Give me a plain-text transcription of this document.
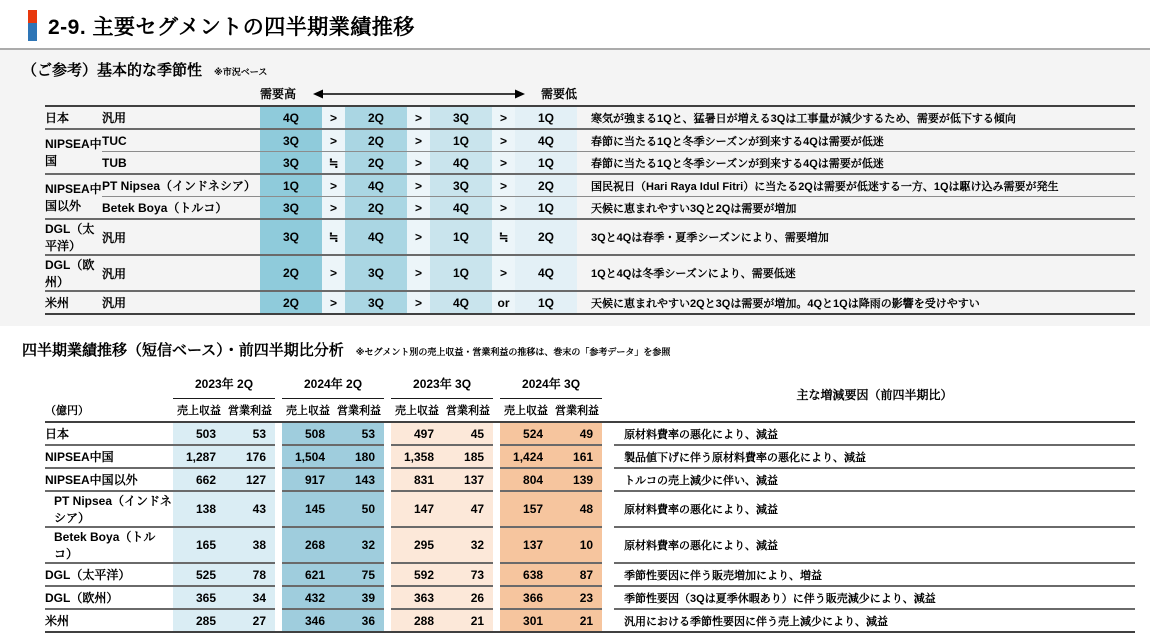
2-9. 主要セグメントの四半期業績推移
（ご参考）基本的な季節性 ※市況ベース
需要高	需要低
日本	汎用	4Q	>	2Q	>	3Q	>	1Q	寒気が強まる1Qと、猛暑日が増える3Qは工事量が減少するため、需要が低下する傾向
NIPSEA中国	TUC	3Q	>	2Q	>	1Q	>	4Q	春節に当たる1Qと冬季シーズンが到来する4Qは需要が低迷
	TUB	3Q	≒	2Q	>	4Q	>	1Q	春節に当たる1Qと冬季シーズンが到来する4Qは需要が低迷
NIPSEA中国以外	PT Nipsea（インドネシア）	1Q	>	4Q	>	3Q	>	2Q	国民祝日（Hari Raya Idul Fitri）に当たる2Qは需要が低迷する一方、1Qは駆け込み需要が発生
	Betek Boya（トルコ）	3Q	>	2Q	>	4Q	>	1Q	天候に恵まれやすい3Qと2Qは需要が増加
DGL（太平洋）	汎用	3Q	≒	4Q	>	1Q	≒	2Q	3Qと4Qは春季・夏季シーズンにより、需要増加
DGL（欧州）	汎用	2Q	>	3Q	>	1Q	>	4Q	1Qと4Qは冬季シーズンにより、需要低迷
米州	汎用	2Q	>	3Q	>	4Q	or	1Q	天候に恵まれやすい2Qと3Qは需要が増加。4Qと1Qは降雨の影響を受けやすい
四半期業績推移（短信ベース）・前四半期比分析 ※セグメント別の売上収益・営業利益の推移は、巻末の「参考データ」を参照
（億円）	2023年 2Q			2024年 2Q			2023年 3Q			2024年 3Q			主な増減要因（前四半期比）
	売上収益	営業利益		売上収益	営業利益		売上収益	営業利益		売上収益	営業利益		
日本	503	53		508	53		497	45		524	49		原材料費率の悪化により、減益
NIPSEA中国	1,287	176		1,504	180		1,358	185		1,424	161		製品値下げに伴う原材料費率の悪化により、減益
NIPSEA中国以外	662	127		917	143		831	137		804	139		トルコの売上減少に伴い、減益
PT Nipsea（インドネシア）	138	43		145	50		147	47		157	48		原材料費率の悪化により、減益
Betek Boya（トルコ）	165	38		268	32		295	32		137	10		原材料費率の悪化により、減益
DGL（太平洋）	525	78		621	75		592	73		638	87		季節性要因に伴う販売増加により、増益
DGL（欧州）	365	34		432	39		363	26		366	23		季節性要因（3Qは夏季休暇あり）に伴う販売減少により、減益
米州	285	27		346	36		288	21		301	21		汎用における季節性要因に伴う売上減少により、減益
